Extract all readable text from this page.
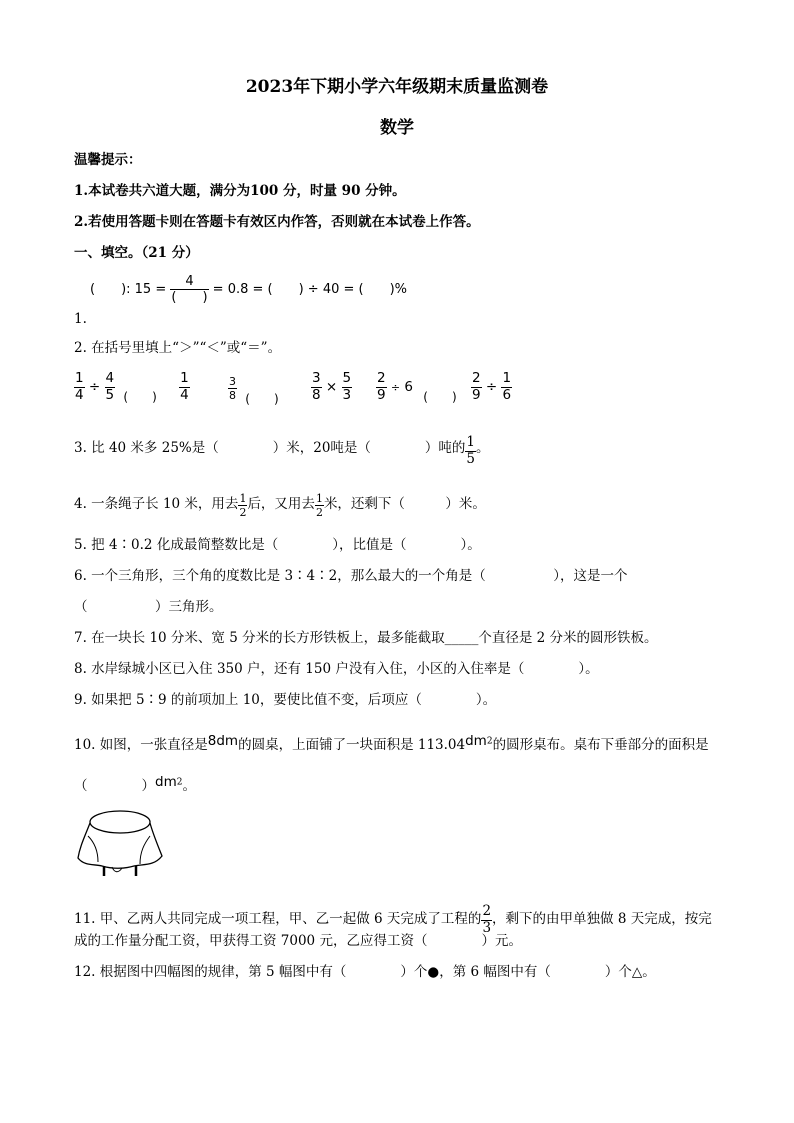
2023年下期小学六年级期末质量监测卷
数学
温馨提示：
1.本试卷共六道大题，满分为100 分，时量 90 分钟。
2.若使用答题卡则在答题卡有效区内作答，否则就在本试卷上作答。
一、填空。（21 分）
(　　): $15 = \frac{4}{( )} = 0.8$ = (　　) ÷ 40 = (　　)%
1.
2. 在括号里填上“＞”“＜”或“＝”。
$\frac{1}{4} \div \frac{4}{5}$ (　　) $\frac{1}{4}$	$\frac{3}{8}$ (　　) $\frac{3}{8} \times \frac{5}{3} \frac{2}{9} \div 6$ (　　) $\frac{2}{9} \div \frac{1}{6}$
3. 比 40 米多 25%是（　　　　）米，20吨是（　　　　）吨的 $\frac{1}{5}$ 。
4. 一条绳子长 10 米，用去 $\frac{1}{2}$ 后，又用去 $\frac{1}{2}$ 米，还剩下（　　　）米。
5. 把 4∶0.2 化成最简整数比是（　　　　），比值是（　　　　）。
6. 一个三角形，三个角的度数比是 3∶4∶2，那么最大的一个角是（　　　　　），这是一个
（　　　　　）三角形。
7. 在一块长 10 分米、宽 5 分米的长方形铁板上，最多能截取_____个直径是 2 分米的圆形铁板。
8. 水岸绿城小区已入住 350 户，还有 150 户没有入住，小区的入住率是（　　　　）。
9. 如果把 5∶9 的前项加上 10，要使比值不变，后项应（　　　　）。
10. 如图，一张直径是8dm的圆桌，上面铺了一块面积是 $113.04dm^2$的圆形桌布。桌布下垂部分的面积是
（　　　　）$dm^2$。
11. 甲、乙两人共同完成一项工程，甲、乙一起做 6 天完成了工程的 $\frac{2}{3}$ ，剩下的由甲单独做 8 天完成，按完
成的工作量分配工资，甲获得工资 7000 元，乙应得工资（　　　　）元。
12. 根据图中四幅图的规律，第 5 幅图中有（　　　　）个●，第 6 幅图中有（　　　　）个△。
